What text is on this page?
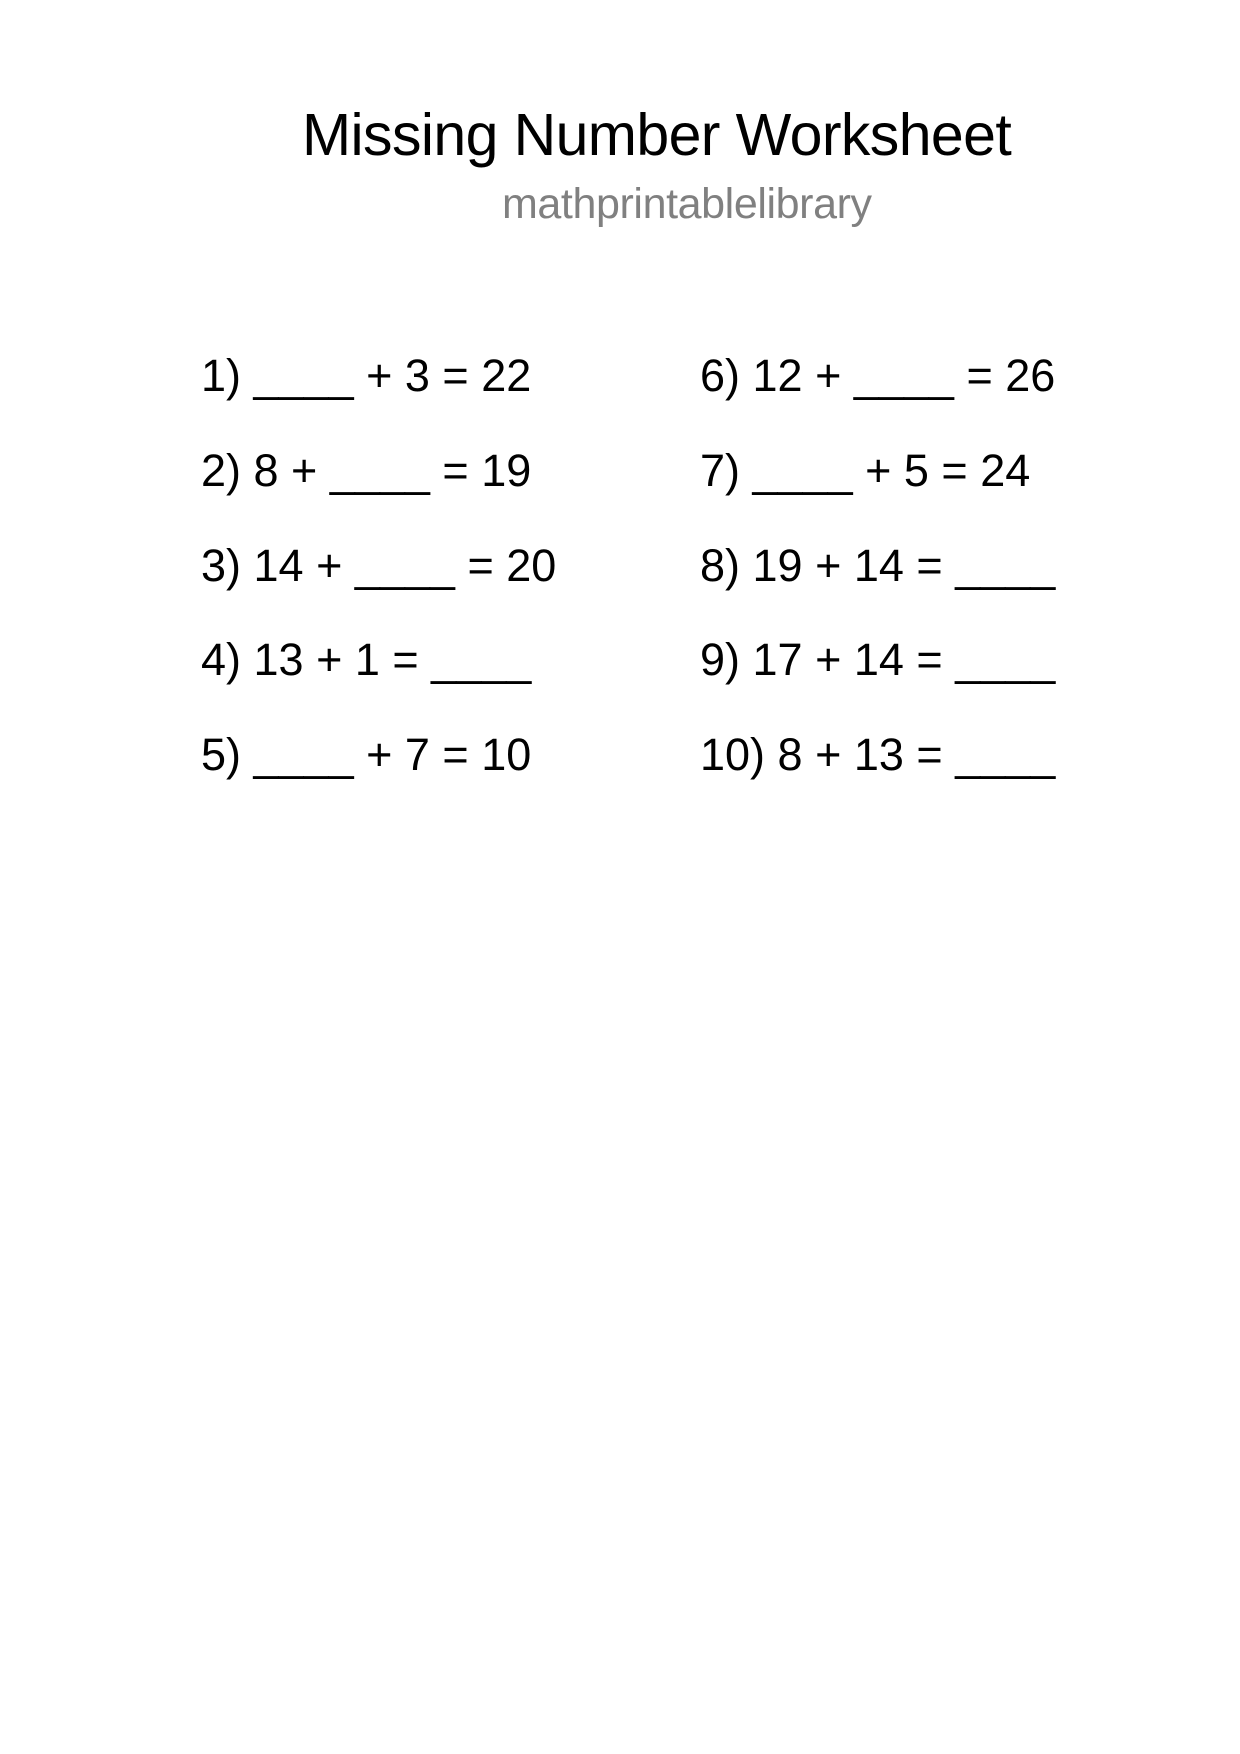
Missing Number Worksheet
mathprintablelibrary
1) ____ + 3 = 22
2) 8 + ____ = 19
3) 14 + ____ = 20
4) 13 + 1 = ____
5) ____ + 7 = 10
6) 12 + ____ = 26
7) ____ + 5 = 24
8) 19 + 14 = ____
9) 17 + 14 = ____
10) 8 + 13 = ____
